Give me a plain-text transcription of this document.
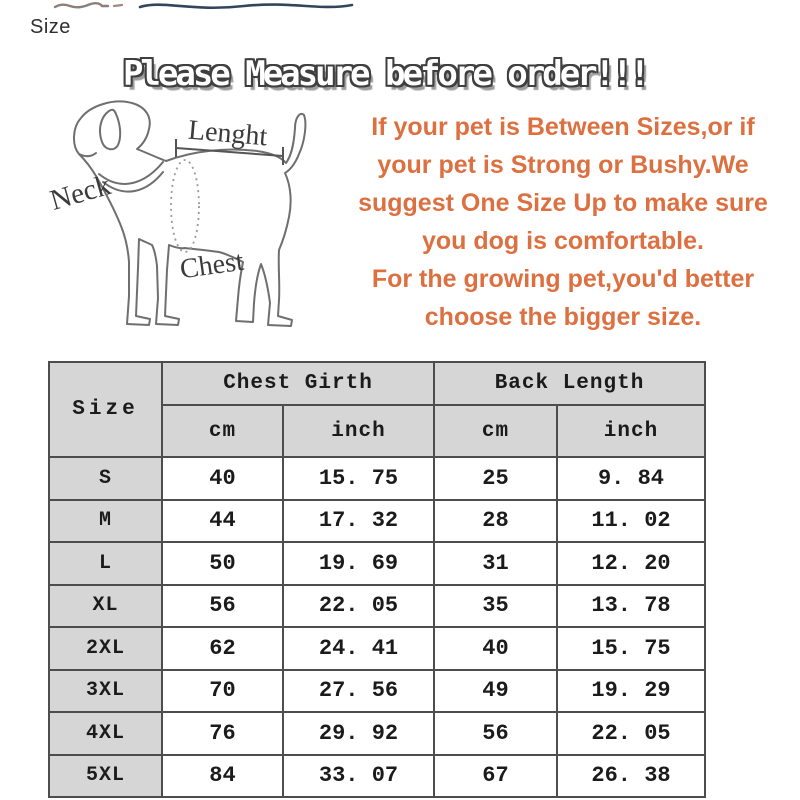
Size
Please Measure before order!!!
Lenght
Neck
Chest
If your pet is Between Sizes,or if
your pet is Strong or Bushy.We
suggest One Size Up to make sure
you dog is comfortable.
For the growing pet,you'd better
choose the bigger size.
Size	Chest Girth		Back Length	
	cm	inch	cm	inch
S	40	15. 75	25	9. 84
M	44	17. 32	28	11. 02
L	50	19. 69	31	12. 20
XL	56	22. 05	35	13. 78
2XL	62	24. 41	40	15. 75
3XL	70	27. 56	49	19. 29
4XL	76	29. 92	56	22. 05
5XL	84	33. 07	67	26. 38
